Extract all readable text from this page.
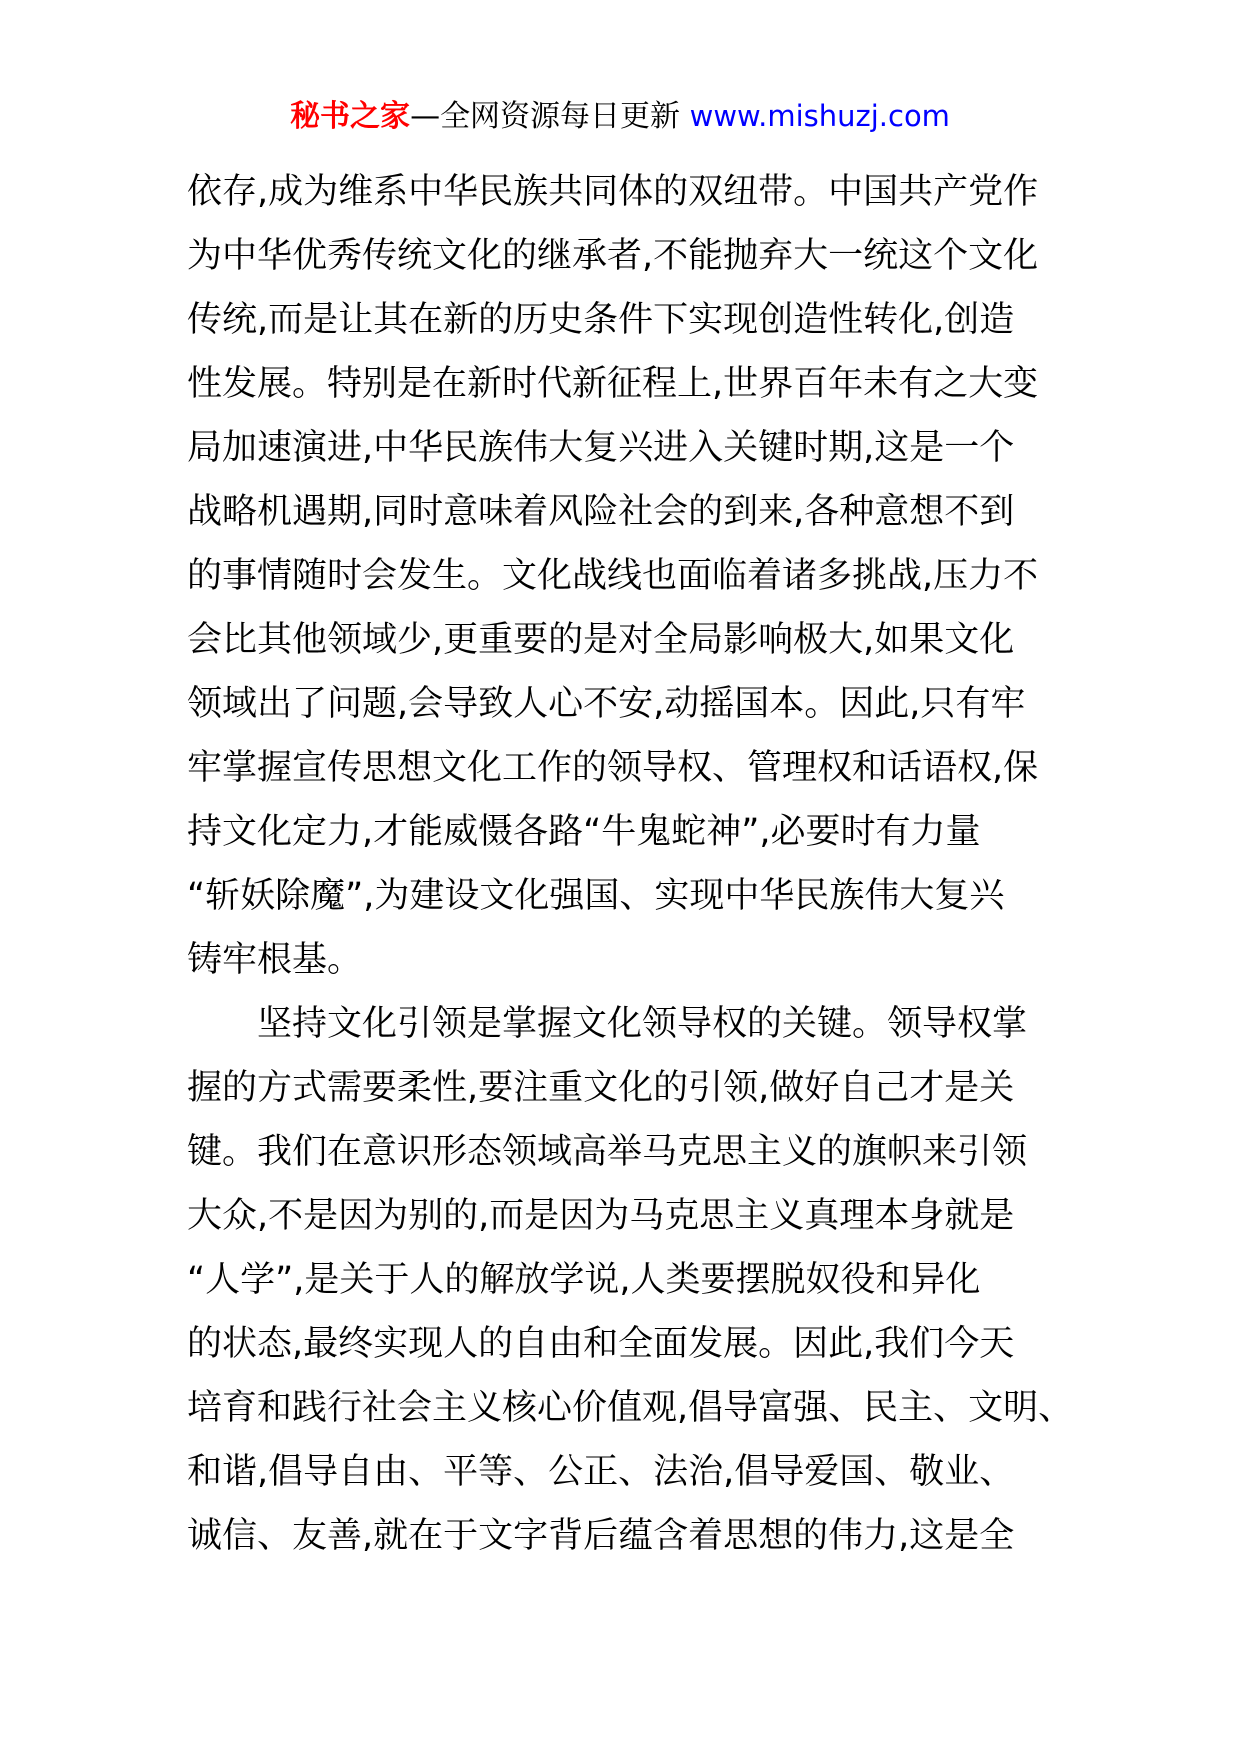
秘书之家—全网资源每日更新 www.mishuzj.com
依存,成为维系中华民族共同体的双纽带。中国共产党作
为中华优秀传统文化的继承者,不能抛弃大一统这个文化
传统,而是让其在新的历史条件下实现创造性转化,创造
性发展。特别是在新时代新征程上,世界百年未有之大变
局加速演进,中华民族伟大复兴进入关键时期,这是一个
战略机遇期,同时意味着风险社会的到来,各种意想不到
的事情随时会发生。文化战线也面临着诸多挑战,压力不
会比其他领域少,更重要的是对全局影响极大,如果文化
领域出了问题,会导致人心不安,动摇国本。因此,只有牢
牢掌握宣传思想文化工作的领导权、管理权和话语权,保
持文化定力,才能威慑各路“牛鬼蛇神”,必要时有力量
“斩妖除魔”,为建设文化强国、实现中华民族伟大复兴
铸牢根基。
　　坚持文化引领是掌握文化领导权的关键。领导权掌
握的方式需要柔性,要注重文化的引领,做好自己才是关
键。我们在意识形态领域高举马克思主义的旗帜来引领
大众,不是因为别的,而是因为马克思主义真理本身就是
“人学”,是关于人的解放学说,人类要摆脱奴役和异化
的状态,最终实现人的自由和全面发展。因此,我们今天
培育和践行社会主义核心价值观,倡导富强、民主、文明、
和谐,倡导自由、平等、公正、法治,倡导爱国、敬业、
诚信、友善,就在于文字背后蕴含着思想的伟力,这是全
